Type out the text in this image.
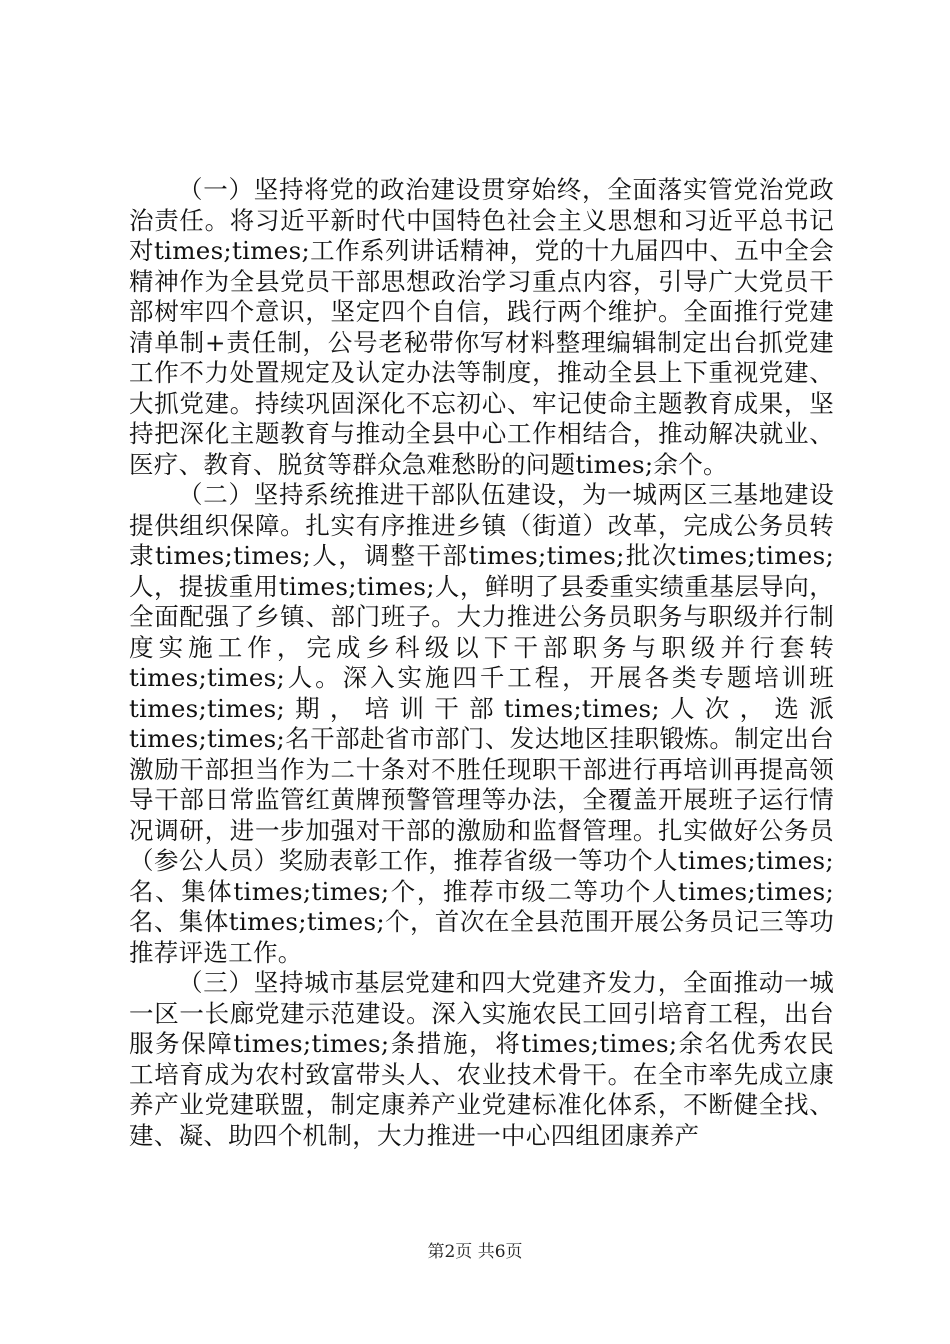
（一）坚持将党的政治建设贯穿始终，全面落实管党治党政治责任。将习近平新时代中国特色社会主义思想和习近平总书记对times;times;工作系列讲话精神，党的十九届四中、五中全会精神作为全县党员干部思想政治学习重点内容，引导广大党员干部树牢四个意识，坚定四个自信，践行两个维护。全面推行党建清单制+责任制，公号老秘带你写材料整理编辑制定出台抓党建工作不力处置规定及认定办法等制度，推动全县上下重视党建、大抓党建。持续巩固深化不忘初心、牢记使命主题教育成果，坚持把深化主题教育与推动全县中心工作相结合，推动解决就业、医疗、教育、脱贫等群众急难愁盼的问题times;余个。

（二）坚持系统推进干部队伍建设，为一城两区三基地建设提供组织保障。扎实有序推进乡镇（街道）改革，完成公务员转隶times;times;人，调整干部times;times;批次times;times;人，提拔重用times;times;人，鲜明了县委重实绩重基层导向，全面配强了乡镇、部门班子。大力推进公务员职务与职级并行制度实施工作，完成乡科级以下干部职务与职级并行套转times;times;人。深入实施四千工程，开展各类专题培训班times;times;期，培训干部times;times;人次，选派times;times;名干部赴省市部门、发达地区挂职锻炼。制定出台激励干部担当作为二十条对不胜任现职干部进行再培训再提高领导干部日常监管红黄牌预警管理等办法，全覆盖开展班子运行情况调研，进一步加强对干部的激励和监督管理。扎实做好公务员（参公人员）奖励表彰工作，推荐省级一等功个人times;times;名、集体times;times;个，推荐市级二等功个人times;times;名、集体times;times;个，首次在全县范围开展公务员记三等功推荐评选工作。

（三）坚持城市基层党建和四大党建齐发力，全面推动一城一区一长廊党建示范建设。深入实施农民工回引培育工程，出台服务保障times;times;条措施，将times;times;余名优秀农民工培育成为农村致富带头人、农业技术骨干。在全市率先成立康养产业党建联盟，制定康养产业党建标准化体系，不断健全找、建、凝、助四个机制，大力推进一中心四组团康养产

第2页 共6页
